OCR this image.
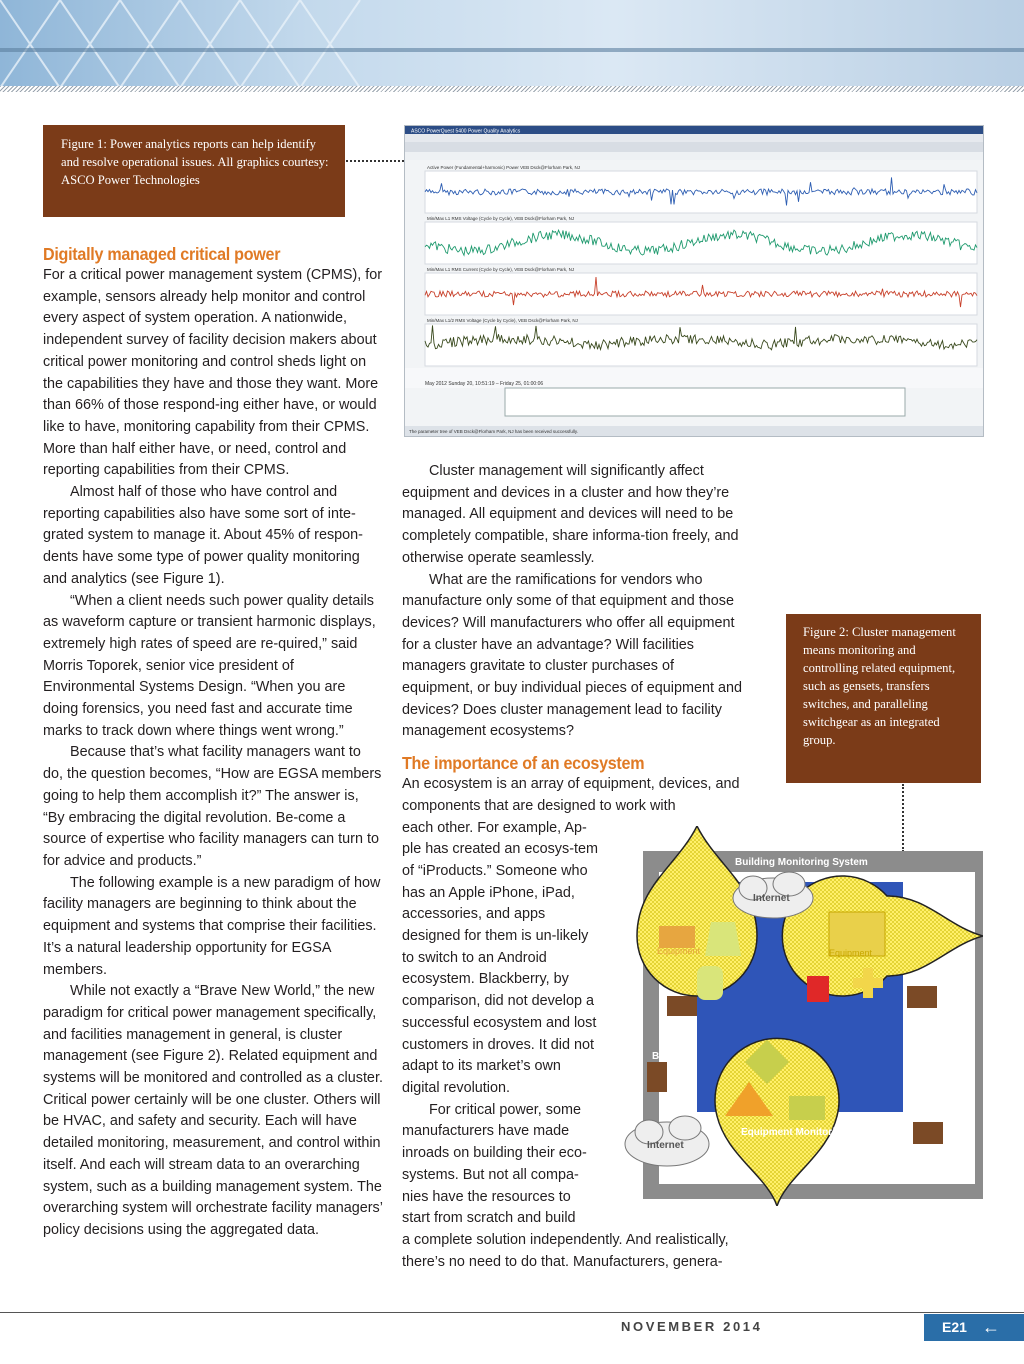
Figure 1: Power analytics reports can help identify and resolve operational issues. All graphics courtesy: ASCO Power Technologies
ASCO PowerQuest 5400 Power Quality Analytics
Active Power (Fundamental+harmonic) Power VEB Dsck@Florham Park, NJ
Min/Max L1 RMS Voltage (Cycle by Cycle), VEB Dsck@Florham Park, NJ
Min/Max L1 RMS Current (Cycle by Cycle), VEB Dsck@Florham Park, NJ
Min/Max L1/2 RMS Voltage (Cycle by Cycle), VEB Dsck@Florham Park, NJ
May 2012 Sunday 20, 10:51:19 – Friday 25, 01:00:06
The parameter tree of VEB Dsck@Florham Park, NJ has been received successfully.
Digitally managed critical power

For a critical power management system (CPMS), for example, sensors already help monitor and control every aspect of system operation. A nationwide, independent survey of facility decision makers about critical power monitoring and control sheds light on the capabilities they have and those they want. More than 66% of those respond-ing either have, or would like to have, monitoring capability from their CPMS. More than half either have, or need, control and reporting capabilities from their CPMS.

Almost half of those who have control and reporting capabilities also have some sort of inte-grated system to manage it. About 45% of respon-dents have some type of power quality monitoring and analytics (see Figure 1).

“When a client needs such power quality details as waveform capture or transient harmonic displays, extremely high rates of speed are re-quired,” said Morris Toporek, senior vice president of Environmental Systems Design. “When you are doing forensics, you need fast and accurate time marks to track down where things went wrong.”

Because that’s what facility managers want to do, the question becomes, “How are EGSA members going to help them accomplish it?” The answer is, “By embracing the digital revolution. Be-come a source of expertise who facility managers can turn to for advice and products.”

The following example is a new paradigm of how facility managers are beginning to think about the equipment and systems that comprise their facilities. It’s a natural leadership opportunity for EGSA members.

While not exactly a “Brave New World,” the new paradigm for critical power management specifically, and facilities management in general, is cluster management (see Figure 2). Related equipment and systems will be monitored and controlled as a cluster. Critical power certainly will be one cluster. Others will be HVAC, and safety and security. Each will have detailed monitoring, measurement, and control within itself. And each will stream data to an overarching system, such as a building management system. The overarching system will orchestrate facility managers’ policy decisions using the aggregated data.

Cluster management will significantly affect equipment and devices in a cluster and how they’re managed. All equipment and devices will need to be completely compatible, share informa-tion freely, and otherwise operate seamlessly.

What are the ramifications for vendors who manufacture only some of that equipment and those devices? Will manufacturers who offer all equipment for a cluster have an advantage? Will facilities managers gravitate to cluster purchases of equipment, or buy individual pieces of equipment and devices? Does cluster management lead to facility management ecosystems?

The importance of an ecosystem

An ecosystem is an array of equipment, devices, and components that are designed to work with

each other. For example, Ap-ple has created an ecosys-tem of “iProducts.” Someone who has an Apple iPhone, iPad, accessories, and apps designed for them is un-likely to switch to an Android ecosystem. Blackberry, by comparison, did not develop a successful ecosystem and lost customers in droves. It did not adapt to its market’s own digital revolution.

For critical power, some manufacturers have made inroads on building their eco-systems. But not all compa-nies have the resources to start from scratch and build

a complete solution independently. And realistically, there’s no need to do that. Manufacturers, genera-

Figure 2: Cluster management means monitoring and controlling related equipment, such as gensets, transfers switches, and paralleling switchgear as an integrated group.
Building Monitoring System
Building
Equipment	Equipment
Equipment Monitoring
Internet
Internet
NOVEMBER 2014	E21 ←
